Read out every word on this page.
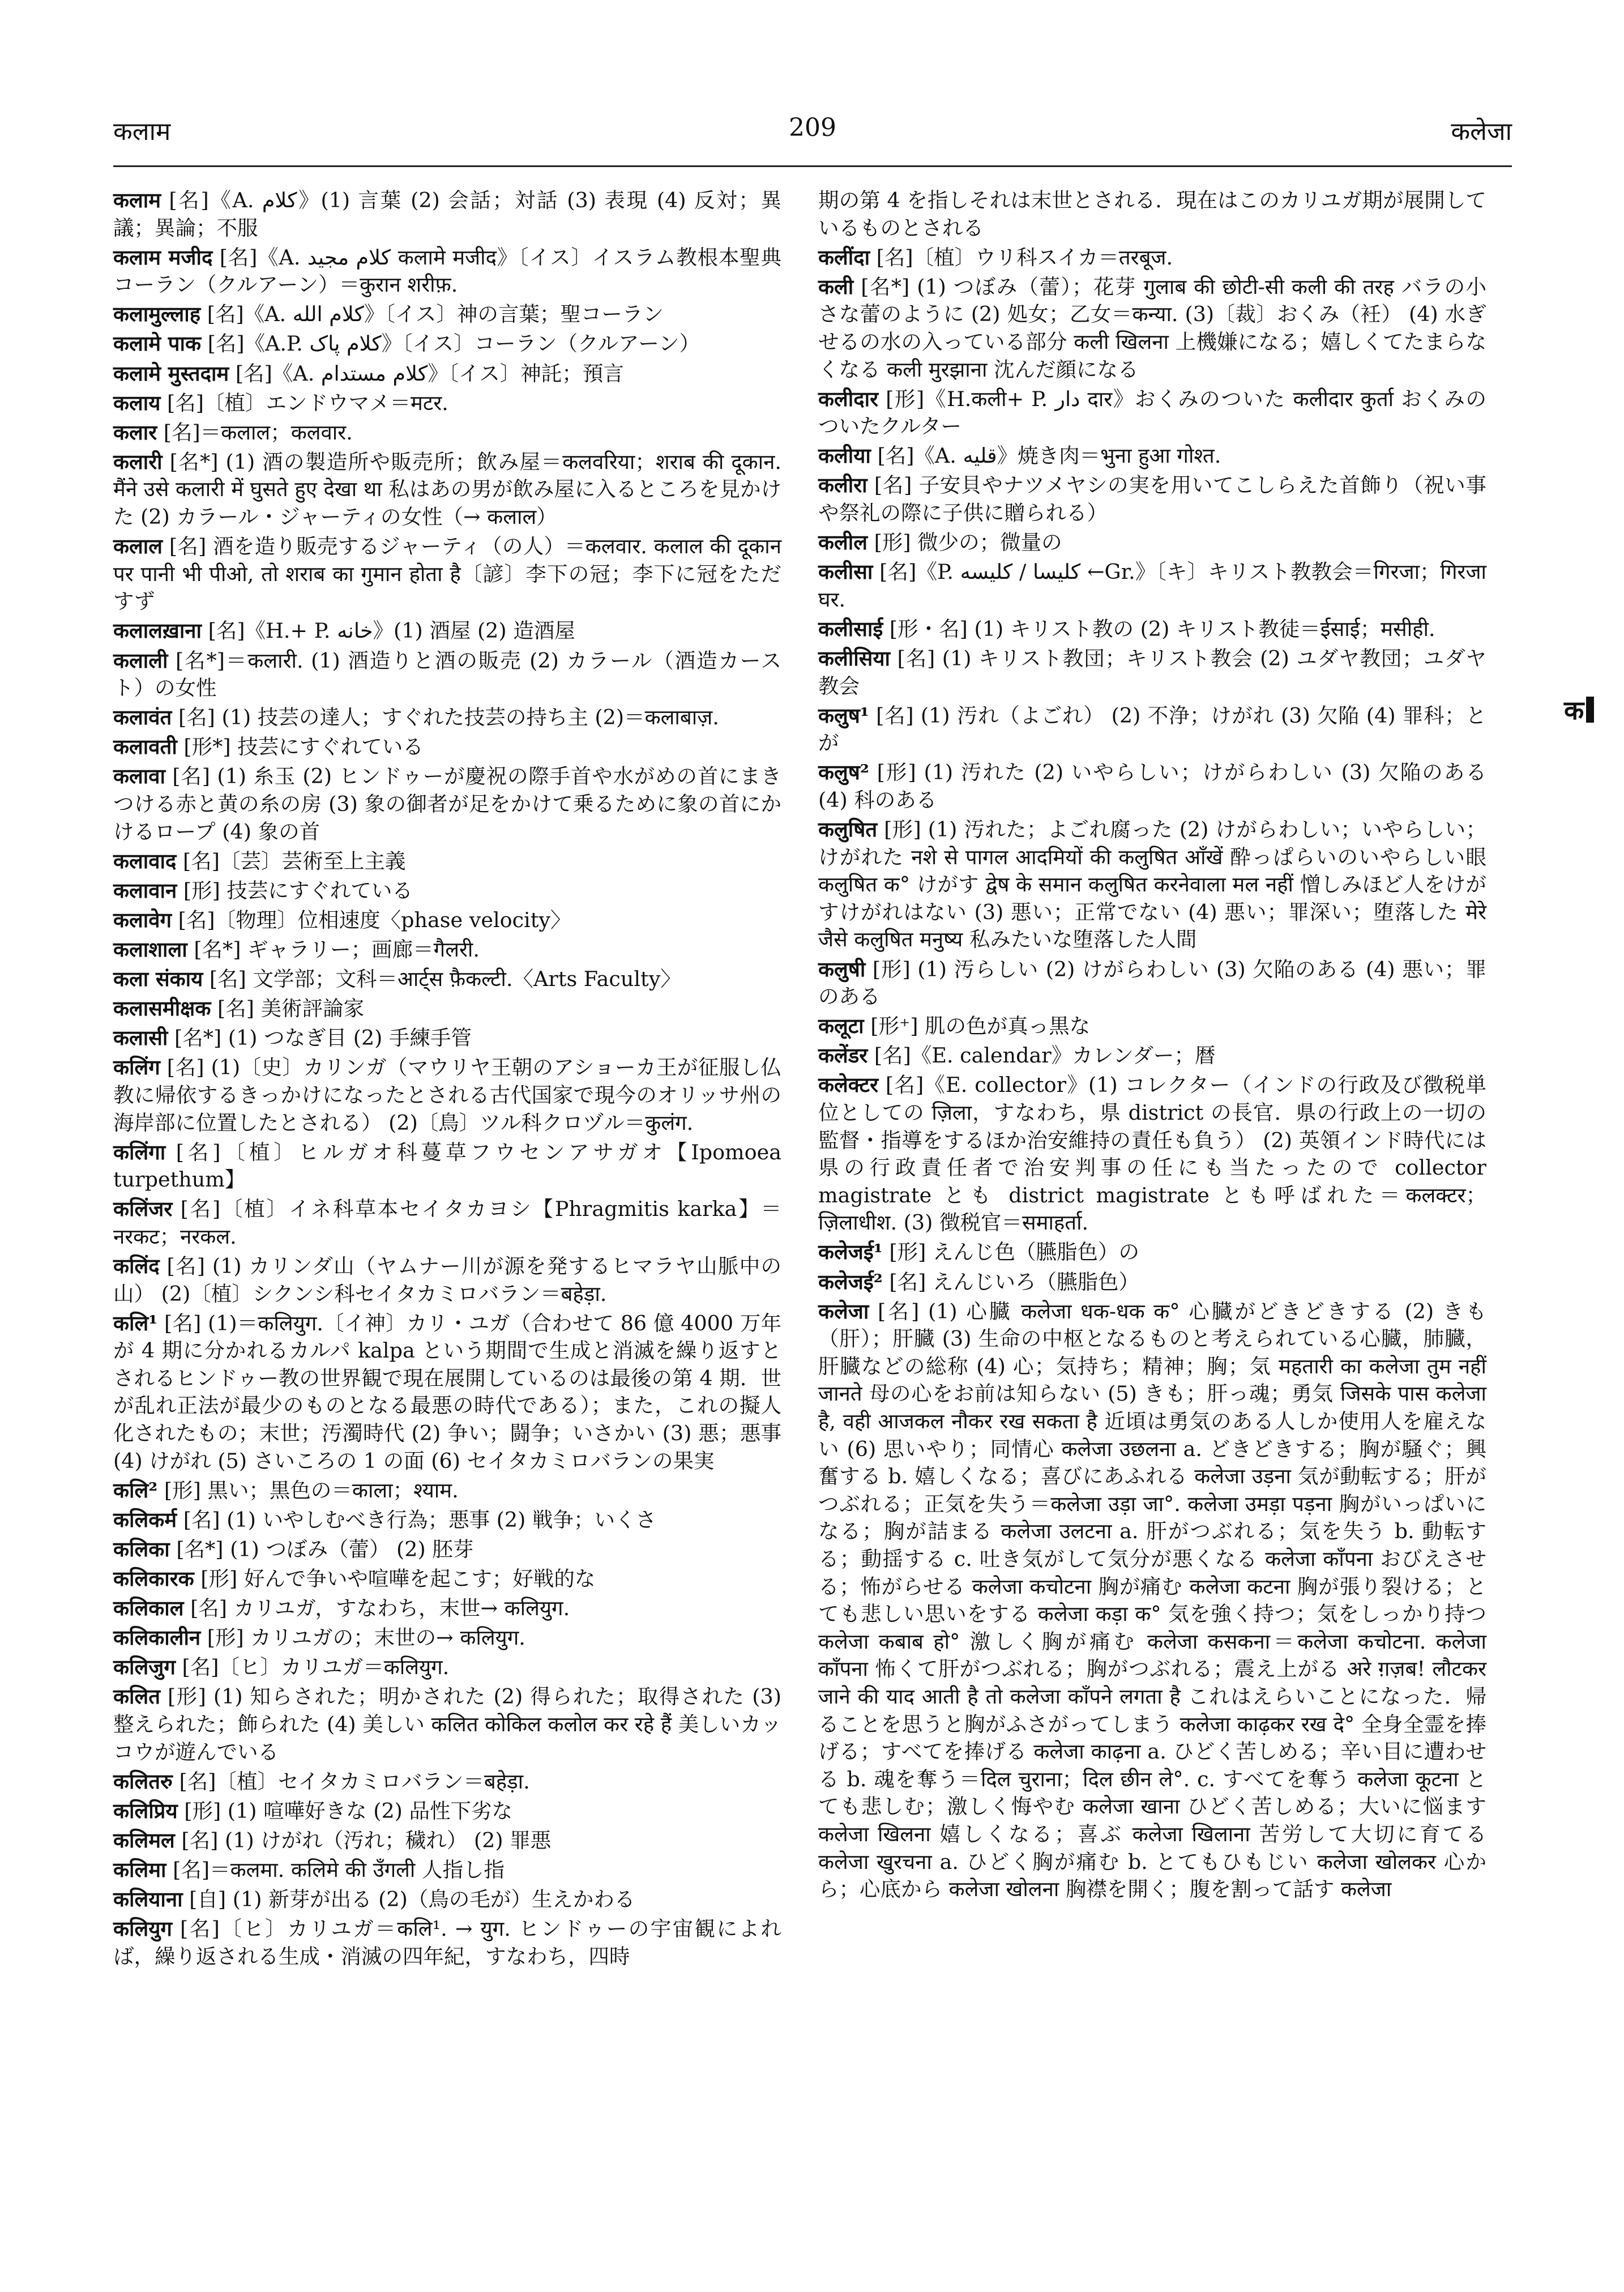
कलाम	209	कलेजा

कलाम [名]《A. كلام》(1) 言葉 (2) 会話；対話 (3) 表現 (4) 反対；異議；異論；不服

कलाम मजीद [名]《A. كلام مجيد कलामे मजीद》〔イス〕イスラム教根本聖典コーラン（クルアーン）＝कुरान शरीफ़.

कलामुल्लाह [名]《A. كلام الله》〔イス〕神の言葉；聖コーラン

कलामे पाक [名]《A.P. كلام پاک》〔イス〕コーラン（クルアーン）

कलामे मुस्तदाम [名]《A. كلام مستدام》〔イス〕神託；預言

कलाय [名]〔植〕エンドウマメ＝मटर.

कलार [名]＝कलाल；कलवार.

कलारी [名*] (1) 酒の製造所や販売所；飲み屋＝कलवरिया；शराब की दूकान. मैंने उसे कलारी में घुसते हुए देखा था 私はあの男が飲み屋に入るところを見かけた (2) カラール・ジャーティの女性（→ कलाल）

कलाल [名] 酒を造り販売するジャーティ（の人）＝कलवार. कलाल की दूकान पर पानी भी पीओ, तो शराब का गुमान होता है〔諺〕李下の冠；李下に冠をただすず

कलालख़ाना [名]《H.+ P. خانه》(1) 酒屋 (2) 造酒屋

कलाली [名*]＝कलारी. (1) 酒造りと酒の販売 (2) カラール（酒造カースト）の女性

कलावंत [名] (1) 技芸の達人；すぐれた技芸の持ち主 (2)＝कलाबाज़.

कलावती [形*] 技芸にすぐれている

कलावा [名] (1) 糸玉 (2) ヒンドゥーが慶祝の際手首や水がめの首にまきつける赤と黄の糸の房 (3) 象の御者が足をかけて乗るために象の首にかけるロープ (4) 象の首

कलावाद [名]〔芸〕芸術至上主義

कलावान [形] 技芸にすぐれている

कलावेग [名]〔物理〕位相速度〈phase velocity〉

कलाशाला [名*] ギャラリー；画廊＝गैलरी.

कला संकाय [名] 文学部；文科＝आर्ट्स फ़ैकल्टी.〈Arts Faculty〉

कलासमीक्षक [名] 美術評論家

कलासी [名*] (1) つなぎ目 (2) 手練手管

कलिंग [名] (1)〔史〕カリンガ（マウリヤ王朝のアショーカ王が征服し仏教に帰依するきっかけになったとされる古代国家で現今のオリッサ州の海岸部に位置したとされる） (2)〔鳥〕ツル科クロヅル＝कुलंग.

कलिंगा [名]〔植〕ヒルガオ科蔓草フウセンアサガオ【Ipomoea turpethum】

कलिंजर [名]〔植〕イネ科草本セイタカヨシ【Phragmitis karka】＝नरकट；नरकल.

कलिंद [名] (1) カリンダ山（ヤムナー川が源を発するヒマラヤ山脈中の山） (2)〔植〕シクンシ科セイタカミロバラン＝बहेड़ा.

कलि¹ [名] (1)＝कलियुग.〔イ神〕カリ・ユガ（合わせて 86 億 4000 万年が 4 期に分かれるカルパ kalpa という期間で生成と消滅を繰り返すとされるヒンドゥー教の世界観で現在展開しているのは最後の第 4 期．世が乱れ正法が最少のものとなる最悪の時代である）；また，これの擬人化されたもの；末世；汚濁時代 (2) 争い；闘争；いさかい (3) 悪；悪事 (4) けがれ (5) さいころの 1 の面 (6) セイタカミロバランの果実

कलि² [形] 黒い；黒色の＝काला；श्याम.

कलिकर्म [名] (1) いやしむべき行為；悪事 (2) 戦争；いくさ

कलिका [名*] (1) つぼみ（蕾） (2) 胚芽

कलिकारक [形] 好んで争いや喧嘩を起こす；好戦的な

कलिकाल [名] カリユガ，すなわち，末世→ कलियुग.

कलिकालीन [形] カリユガの；末世の→ कलियुग.

कलिजुग [名]〔ヒ〕カリユガ＝कलियुग.

कलित [形] (1) 知らされた；明かされた (2) 得られた；取得された (3) 整えられた；飾られた (4) 美しい कलित कोकिल कलोल कर रहे हैं 美しいカッコウが遊んでいる

कलितरु [名]〔植〕セイタカミロバラン＝बहेड़ा.

कलिप्रिय [形] (1) 喧嘩好きな (2) 品性下劣な

कलिमल [名] (1) けがれ（汚れ；穢れ） (2) 罪悪

कलिमा [名]＝कलमा. कलिमे की उँगली 人指し指

कलियाना [自] (1) 新芽が出る (2)（鳥の毛が）生えかわる

कलियुग [名]〔ヒ〕カリユガ＝कलि¹. → युग. ヒンドゥーの宇宙観によれば，繰り返される生成・消滅の四年紀，すなわち，四時

期の第 4 を指しそれは末世とされる．現在はこのカリユガ期が展開しているものとされる

कलींदा [名]〔植〕ウリ科スイカ＝तरबूज.

कली [名*] (1) つぼみ（蕾）；花芽 गुलाब की छोटी-सी कली की तरह バラの小さな蕾のように (2) 処女；乙女＝कन्या. (3)〔裁〕おくみ（衽） (4) 水ぎせるの水の入っている部分 कली खिलना 上機嫌になる；嬉しくてたまらなくなる कली मुरझाना 沈んだ顔になる

कलीदार [形]《H.कली+ P. دار दार》おくみのついた कलीदार कुर्ता おくみのついたクルター

कलीया [名]《A. قليه》焼き肉＝भुना हुआ गोश्त.

कलीरा [名] 子安貝やナツメヤシの実を用いてこしらえた首飾り（祝い事や祭礼の際に子供に贈られる）

कलील [形] 微少の；微量の

कलीसा [名]《P. كليسا / كليسه ←Gr.》〔キ〕キリスト教教会＝गिरजा；गिरजा घर.

कलीसाई [形・名] (1) キリスト教の (2) キリスト教徒＝ईसाई；मसीही.

कलीसिया [名] (1) キリスト教団；キリスト教会 (2) ユダヤ教団；ユダヤ教会

कलुष¹ [名] (1) 汚れ（よごれ） (2) 不浄；けがれ (3) 欠陥 (4) 罪科；とが

कलुष² [形] (1) 汚れた (2) いやらしい；けがらわしい (3) 欠陥のある (4) 科のある

कलुषित [形] (1) 汚れた；よごれ腐った (2) けがらわしい；いやらしい；けがれた नशे से पागल आदमियों की कलुषित आँखें 酔っぱらいのいやらしい眼 कलुषित क° けがす द्वेष के समान कलुषित करनेवाला मल नहीं 憎しみほど人をけがすけがれはない (3) 悪い；正常でない (4) 悪い；罪深い；堕落した मेरे जैसे कलुषित मनुष्य 私みたいな堕落した人間

कलुषी [形] (1) 汚らしい (2) けがらわしい (3) 欠陥のある (4) 悪い；罪のある

कलूटा [形⁺] 肌の色が真っ黒な

कलेंडर [名]《E. calendar》カレンダー；暦

कलेक्टर [名]《E. collector》(1) コレクター（インドの行政及び徴税単位としての ज़िला，すなわち，県 district の長官．県の行政上の一切の監督・指導をするほか治安維持の責任も負う） (2) 英領インド時代には県の行政責任者で治安判事の任にも当たったので collector magistrate とも district magistrate とも呼ばれた＝कलक्टर；ज़िलाधीश. (3) 徴税官＝समाहर्ता.

कलेजई¹ [形] えんじ色（臙脂色）の

कलेजई² [名] えんじいろ（臙脂色）

कलेजा [名] (1) 心臓 कलेजा धक-धक क° 心臓がどきどきする (2) きも（肝）；肝臓 (3) 生命の中枢となるものと考えられている心臓，肺臓，肝臓などの総称 (4) 心；気持ち；精神；胸；気 महतारी का कलेजा तुम नहीं जानते 母の心をお前は知らない (5) きも；肝っ魂；勇気 जिसके पास कलेजा है, वही आजकल नौकर रख सकता है 近頃は勇気のある人しか使用人を雇えない (6) 思いやり；同情心 कलेजा उछलना a. どきどきする；胸が騒ぐ；興奮する b. 嬉しくなる；喜びにあふれる कलेजा उड़ना 気が動転する；肝がつぶれる；正気を失う＝कलेजा उड़ा जा°. कलेजा उमड़ा पड़ना 胸がいっぱいになる；胸が詰まる कलेजा उलटना a. 肝がつぶれる；気を失う b. 動転する；動揺する c. 吐き気がして気分が悪くなる कलेजा काँपना おびえさせる；怖がらせる कलेजा कचोटना 胸が痛む कलेजा कटना 胸が張り裂ける；とても悲しい思いをする कलेजा कड़ा क° 気を強く持つ；気をしっかり持つ कलेजा कबाब हो° 激しく胸が痛む कलेजा कसकना＝कलेजा कचोटना. कलेजा काँपना 怖くて肝がつぶれる；胸がつぶれる；震え上がる अरे ग़ज़ब! लौटकर जाने की याद आती है तो कलेजा काँपने लगता है これはえらいことになった．帰ることを思うと胸がふさがってしまう कलेजा काढ़कर रख दे° 全身全霊を捧げる；すべてを捧げる कलेजा काढ़ना a. ひどく苦しめる；辛い目に遭わせる b. 魂を奪う＝दिल चुराना；दिल छीन ले°. c. すべてを奪う कलेजा कूटना とても悲しむ；激しく悔やむ कलेजा खाना ひどく苦しめる；大いに悩ます कलेजा खिलना 嬉しくなる；喜ぶ कलेजा खिलाना 苦労して大切に育てる कलेजा खुरचना a. ひどく胸が痛む b. とてもひもじい कलेजा खोलकर 心から；心底から कलेजा खोलना 胸襟を開く；腹を割って話す कलेजा

क
